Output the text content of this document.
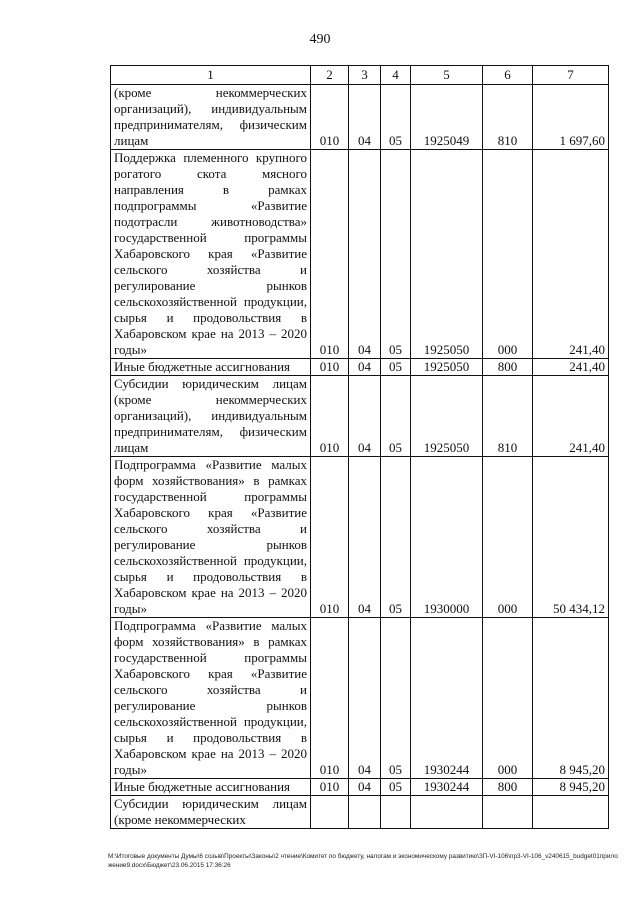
490
1	2	3	4	5	6	7
(кроме некоммерческих организаций), индивидуальным предпринимателям, физическим лицам	010	04	05	1925049	810	1 697,60
Поддержка племенного крупного рогатого скота мясного направления в рамках подпрограммы «Развитие подотрасли животноводства» государственной программы Хабаровского края «Развитие сельского хозяйства и регулирование рынков сельскохозяйственной продукции, сырья и продовольствия в Хабаровском крае на 2013 – 2020 годы»	010	04	05	1925050	000	241,40
Иные бюджетные ассигнования	010	04	05	1925050	800	241,40
Субсидии юридическим лицам (кроме некоммерческих организаций), индивидуальным предпринимателям, физическим лицам	010	04	05	1925050	810	241,40
Подпрограмма «Развитие малых форм хозяйствования» в рамках государственной программы Хабаровского края «Развитие сельского хозяйства и регулирование рынков сельскохозяйственной продукции, сырья и продовольствия в Хабаровском крае на 2013 – 2020 годы»	010	04	05	1930000	000	50 434,12
Подпрограмма «Развитие малых форм хозяйствования» в рамках государственной программы Хабаровского края «Развитие сельского хозяйства и регулирование рынков сельскохозяйственной продукции, сырья и продовольствия в Хабаровском крае на 2013 – 2020 годы»	010	04	05	1930244	000	8 945,20
Иные бюджетные ассигнования	010	04	05	1930244	800	8 945,20
Субсидии юридическим лицам (кроме некоммерческих						
M:\Итоговые документы Думы\6 созыв\Проекты\Законы\2 чтение\Комитет по бюджету, налогам и экономическому развитию\ЗП-VI-106\пр3-VI-106_v240615_budget01приложение9.docx\Бюджет\23.06.2015 17:36:26
